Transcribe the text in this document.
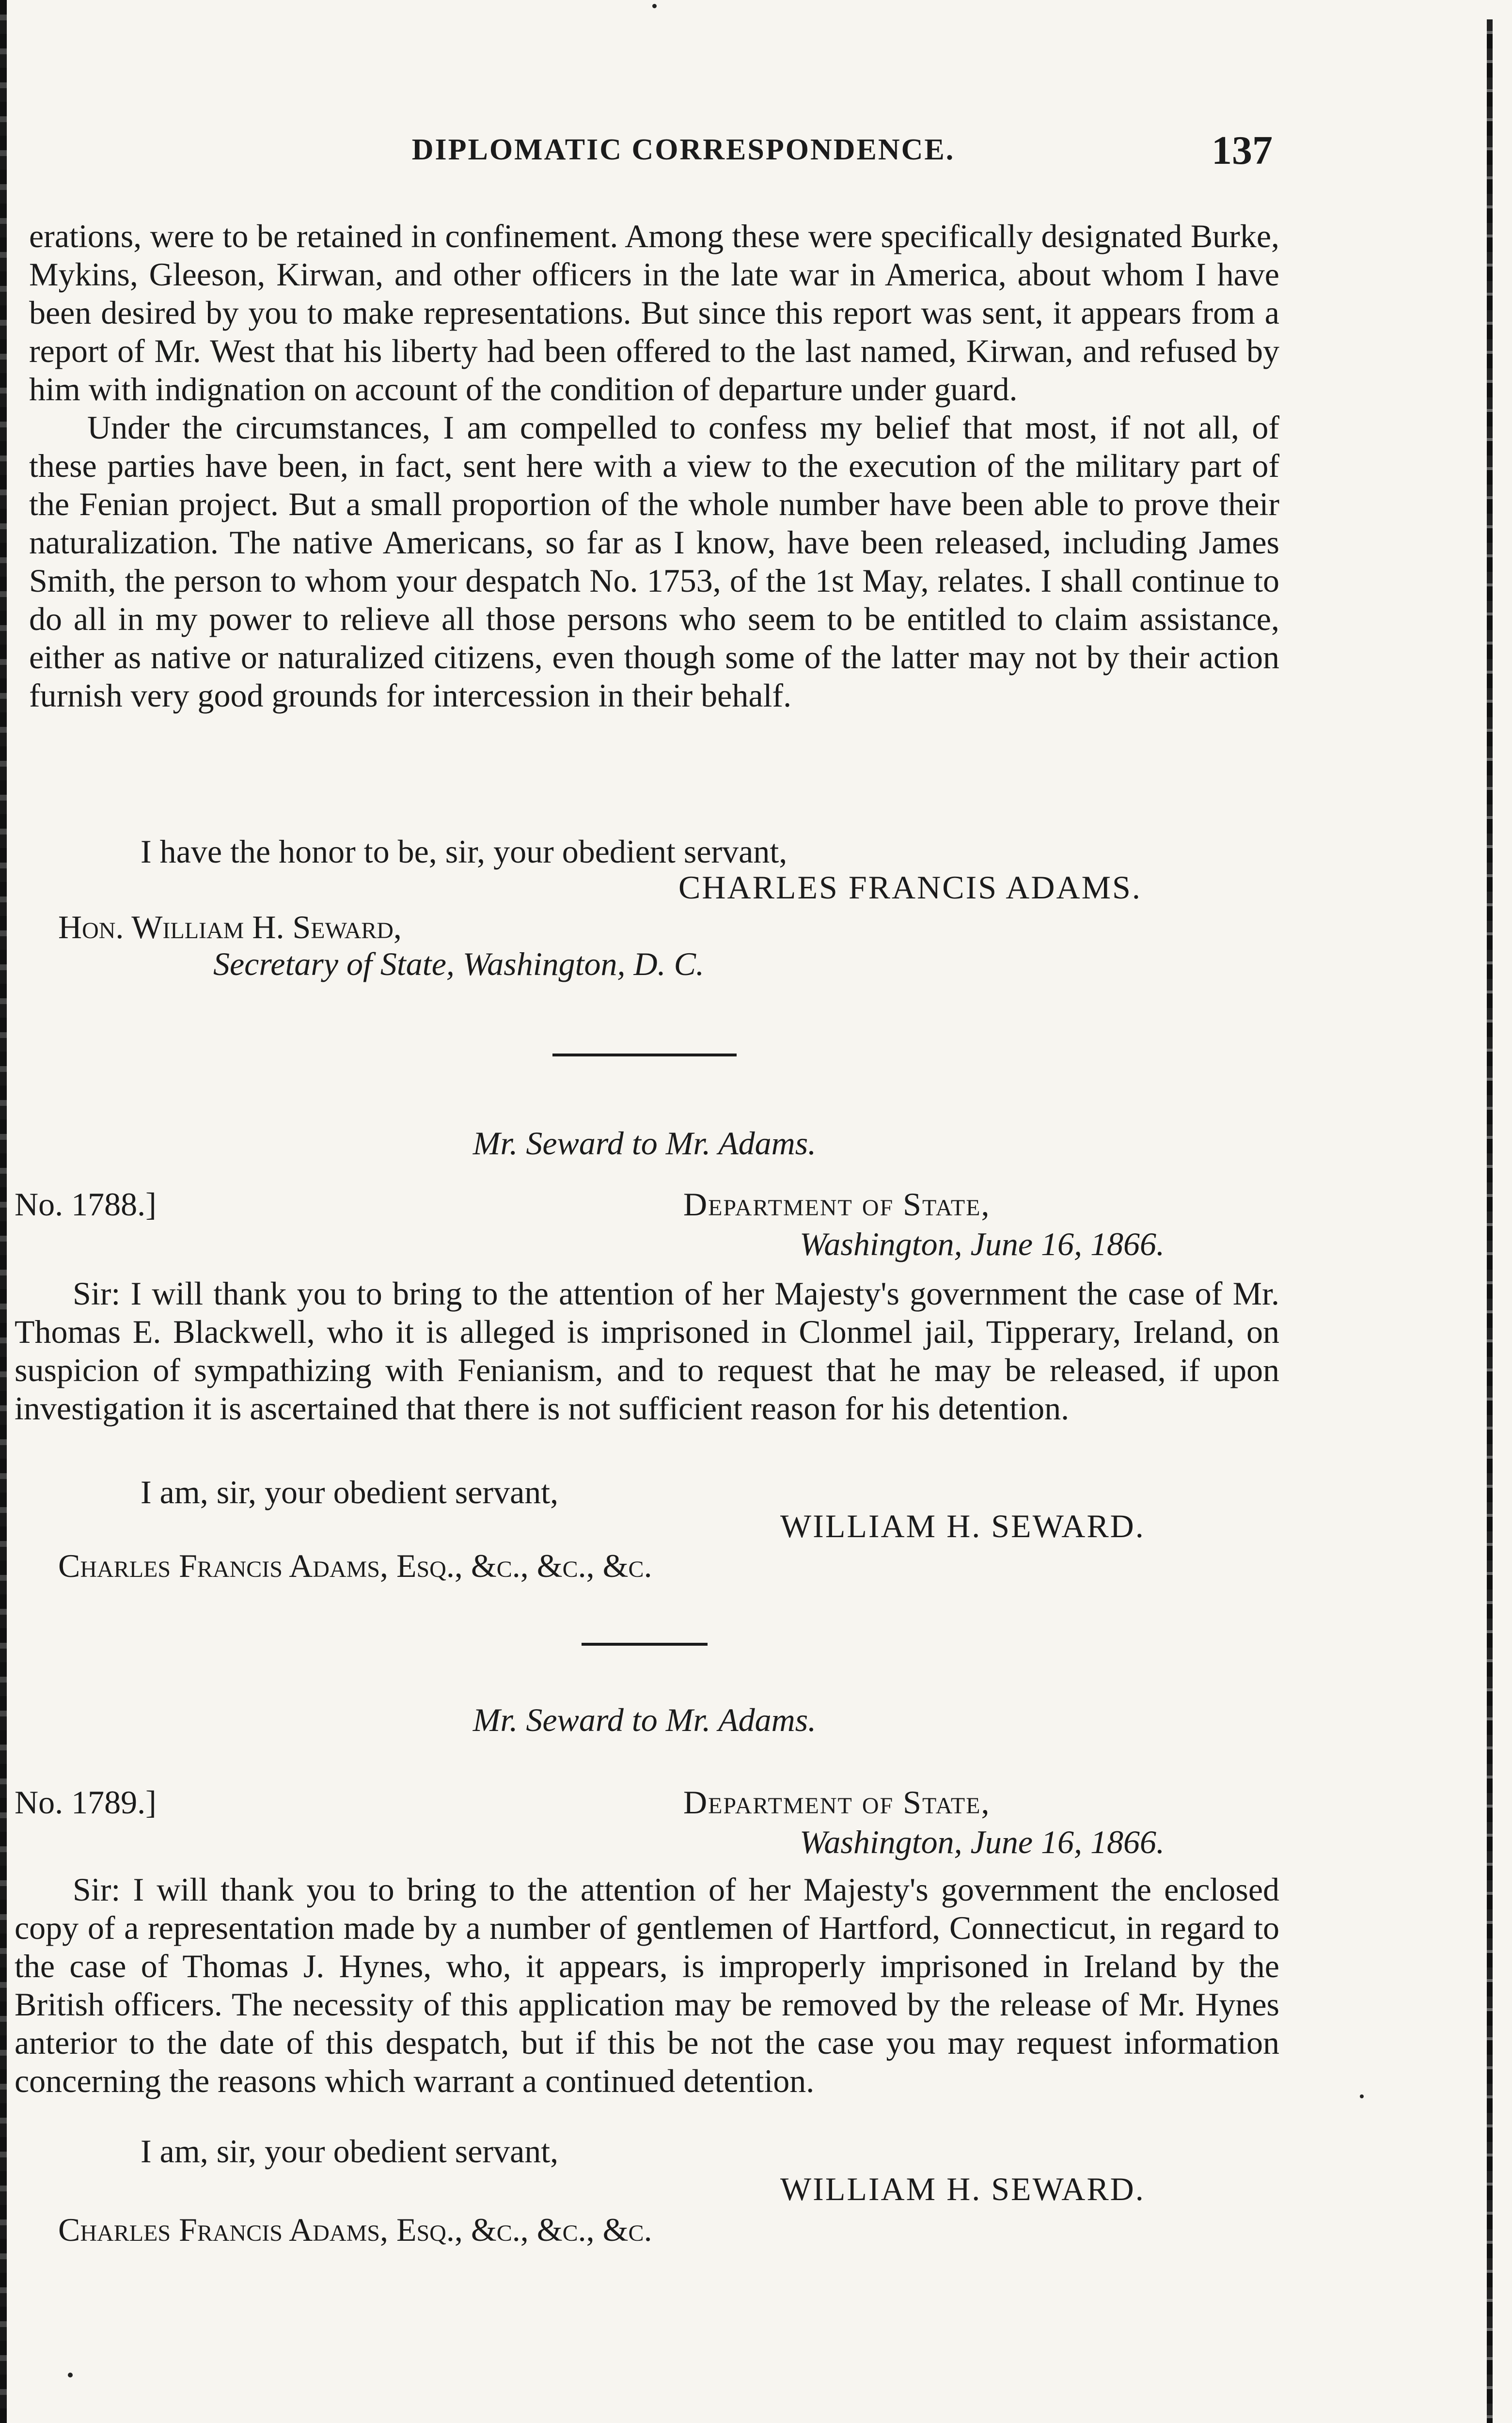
DIPLOMATIC CORRESPONDENCE.	137

erations, were to be retained in confinement. Among these were specifically designated Burke, Mykins, Gleeson, Kirwan, and other officers in the late war in America, about whom I have been desired by you to make representations. But since this report was sent, it appears from a report of Mr. West that his liberty had been offered to the last named, Kirwan, and refused by him with indignation on account of the condition of departure under guard.

Under the circumstances, I am compelled to confess my belief that most, if not all, of these parties have been, in fact, sent here with a view to the execution of the military part of the Fenian project. But a small proportion of the whole number have been able to prove their naturalization. The native Americans, so far as I know, have been released, including James Smith, the person to whom your despatch No. 1753, of the 1st May, relates. I shall continue to do all in my power to relieve all those persons who seem to be entitled to claim assistance, either as native or naturalized citizens, even though some of the latter may not by their action furnish very good grounds for intercession in their behalf.

I have the honor to be, sir, your obedient servant,
CHARLES FRANCIS ADAMS.
Hon. William H. Seward,
Secretary of State, Washington, D. C.
Mr. Seward to Mr. Adams.
No. 1788.]	Department of State,
Washington, June 16, 1866.
Sir: I will thank you to bring to the attention of her Majesty's government the case of Mr. Thomas E. Blackwell, who it is alleged is imprisoned in Clonmel jail, Tipperary, Ireland, on suspicion of sympathizing with Fenianism, and to request that he may be released, if upon investigation it is ascertained that there is not sufficient reason for his detention.
I am, sir, your obedient servant,
WILLIAM H. SEWARD.
Charles Francis Adams, Esq., &c., &c., &c.
Mr. Seward to Mr. Adams.
No. 1789.]	Department of State,
Washington, June 16, 1866.
Sir: I will thank you to bring to the attention of her Majesty's government the enclosed copy of a representation made by a number of gentlemen of Hartford, Connecticut, in regard to the case of Thomas J. Hynes, who, it appears, is improperly imprisoned in Ireland by the British officers. The necessity of this application may be removed by the release of Mr. Hynes anterior to the date of this despatch, but if this be not the case you may request information concerning the reasons which warrant a continued detention.
I am, sir, your obedient servant,
WILLIAM H. SEWARD.
Charles Francis Adams, Esq., &c., &c., &c.
